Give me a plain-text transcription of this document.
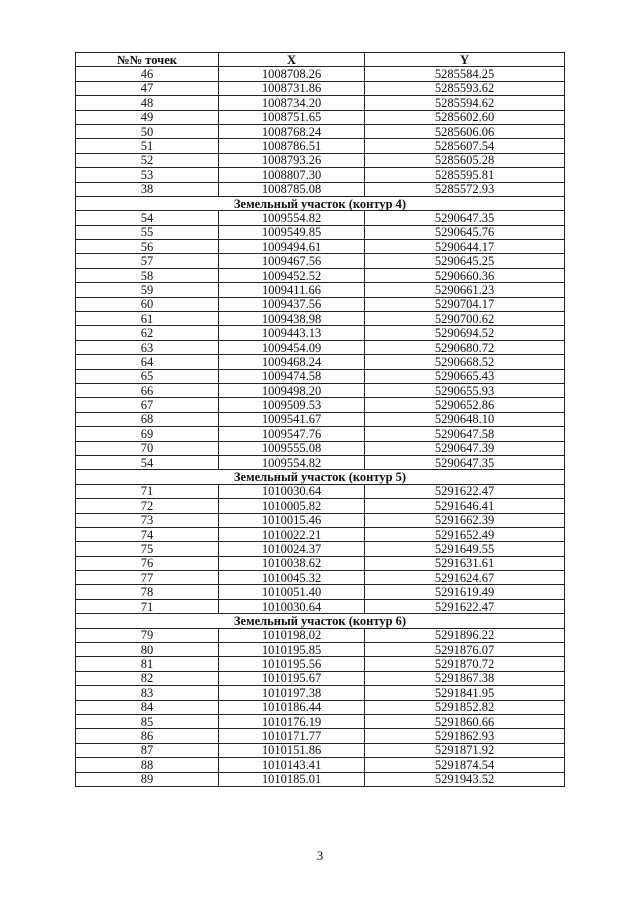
№№ точек	X	Y
46	1008708.26	5285584.25
47	1008731.86	5285593.62
48	1008734.20	5285594.62
49	1008751.65	5285602.60
50	1008768.24	5285606.06
51	1008786.51	5285607.54
52	1008793.26	5285605.28
53	1008807.30	5285595.81
38	1008785.08	5285572.93
Земельный участок (контур 4)		
54	1009554.82	5290647.35
55	1009549.85	5290645.76
56	1009494.61	5290644.17
57	1009467.56	5290645.25
58	1009452.52	5290660.36
59	1009411.66	5290661.23
60	1009437.56	5290704.17
61	1009438.98	5290700.62
62	1009443.13	5290694.52
63	1009454.09	5290680.72
64	1009468.24	5290668.52
65	1009474.58	5290665.43
66	1009498.20	5290655.93
67	1009509.53	5290652.86
68	1009541.67	5290648.10
69	1009547.76	5290647.58
70	1009555.08	5290647.39
54	1009554.82	5290647.35
Земельный участок (контур 5)		
71	1010030.64	5291622.47
72	1010005.82	5291646.41
73	1010015.46	5291662.39
74	1010022.21	5291652.49
75	1010024.37	5291649.55
76	1010038.62	5291631.61
77	1010045.32	5291624.67
78	1010051.40	5291619.49
71	1010030.64	5291622.47
Земельный участок (контур 6)		
79	1010198.02	5291896.22
80	1010195.85	5291876.07
81	1010195.56	5291870.72
82	1010195.67	5291867.38
83	1010197.38	5291841.95
84	1010186.44	5291852.82
85	1010176.19	5291860.66
86	1010171.77	5291862.93
87	1010151.86	5291871.92
88	1010143.41	5291874.54
89	1010185.01	5291943.52
3
